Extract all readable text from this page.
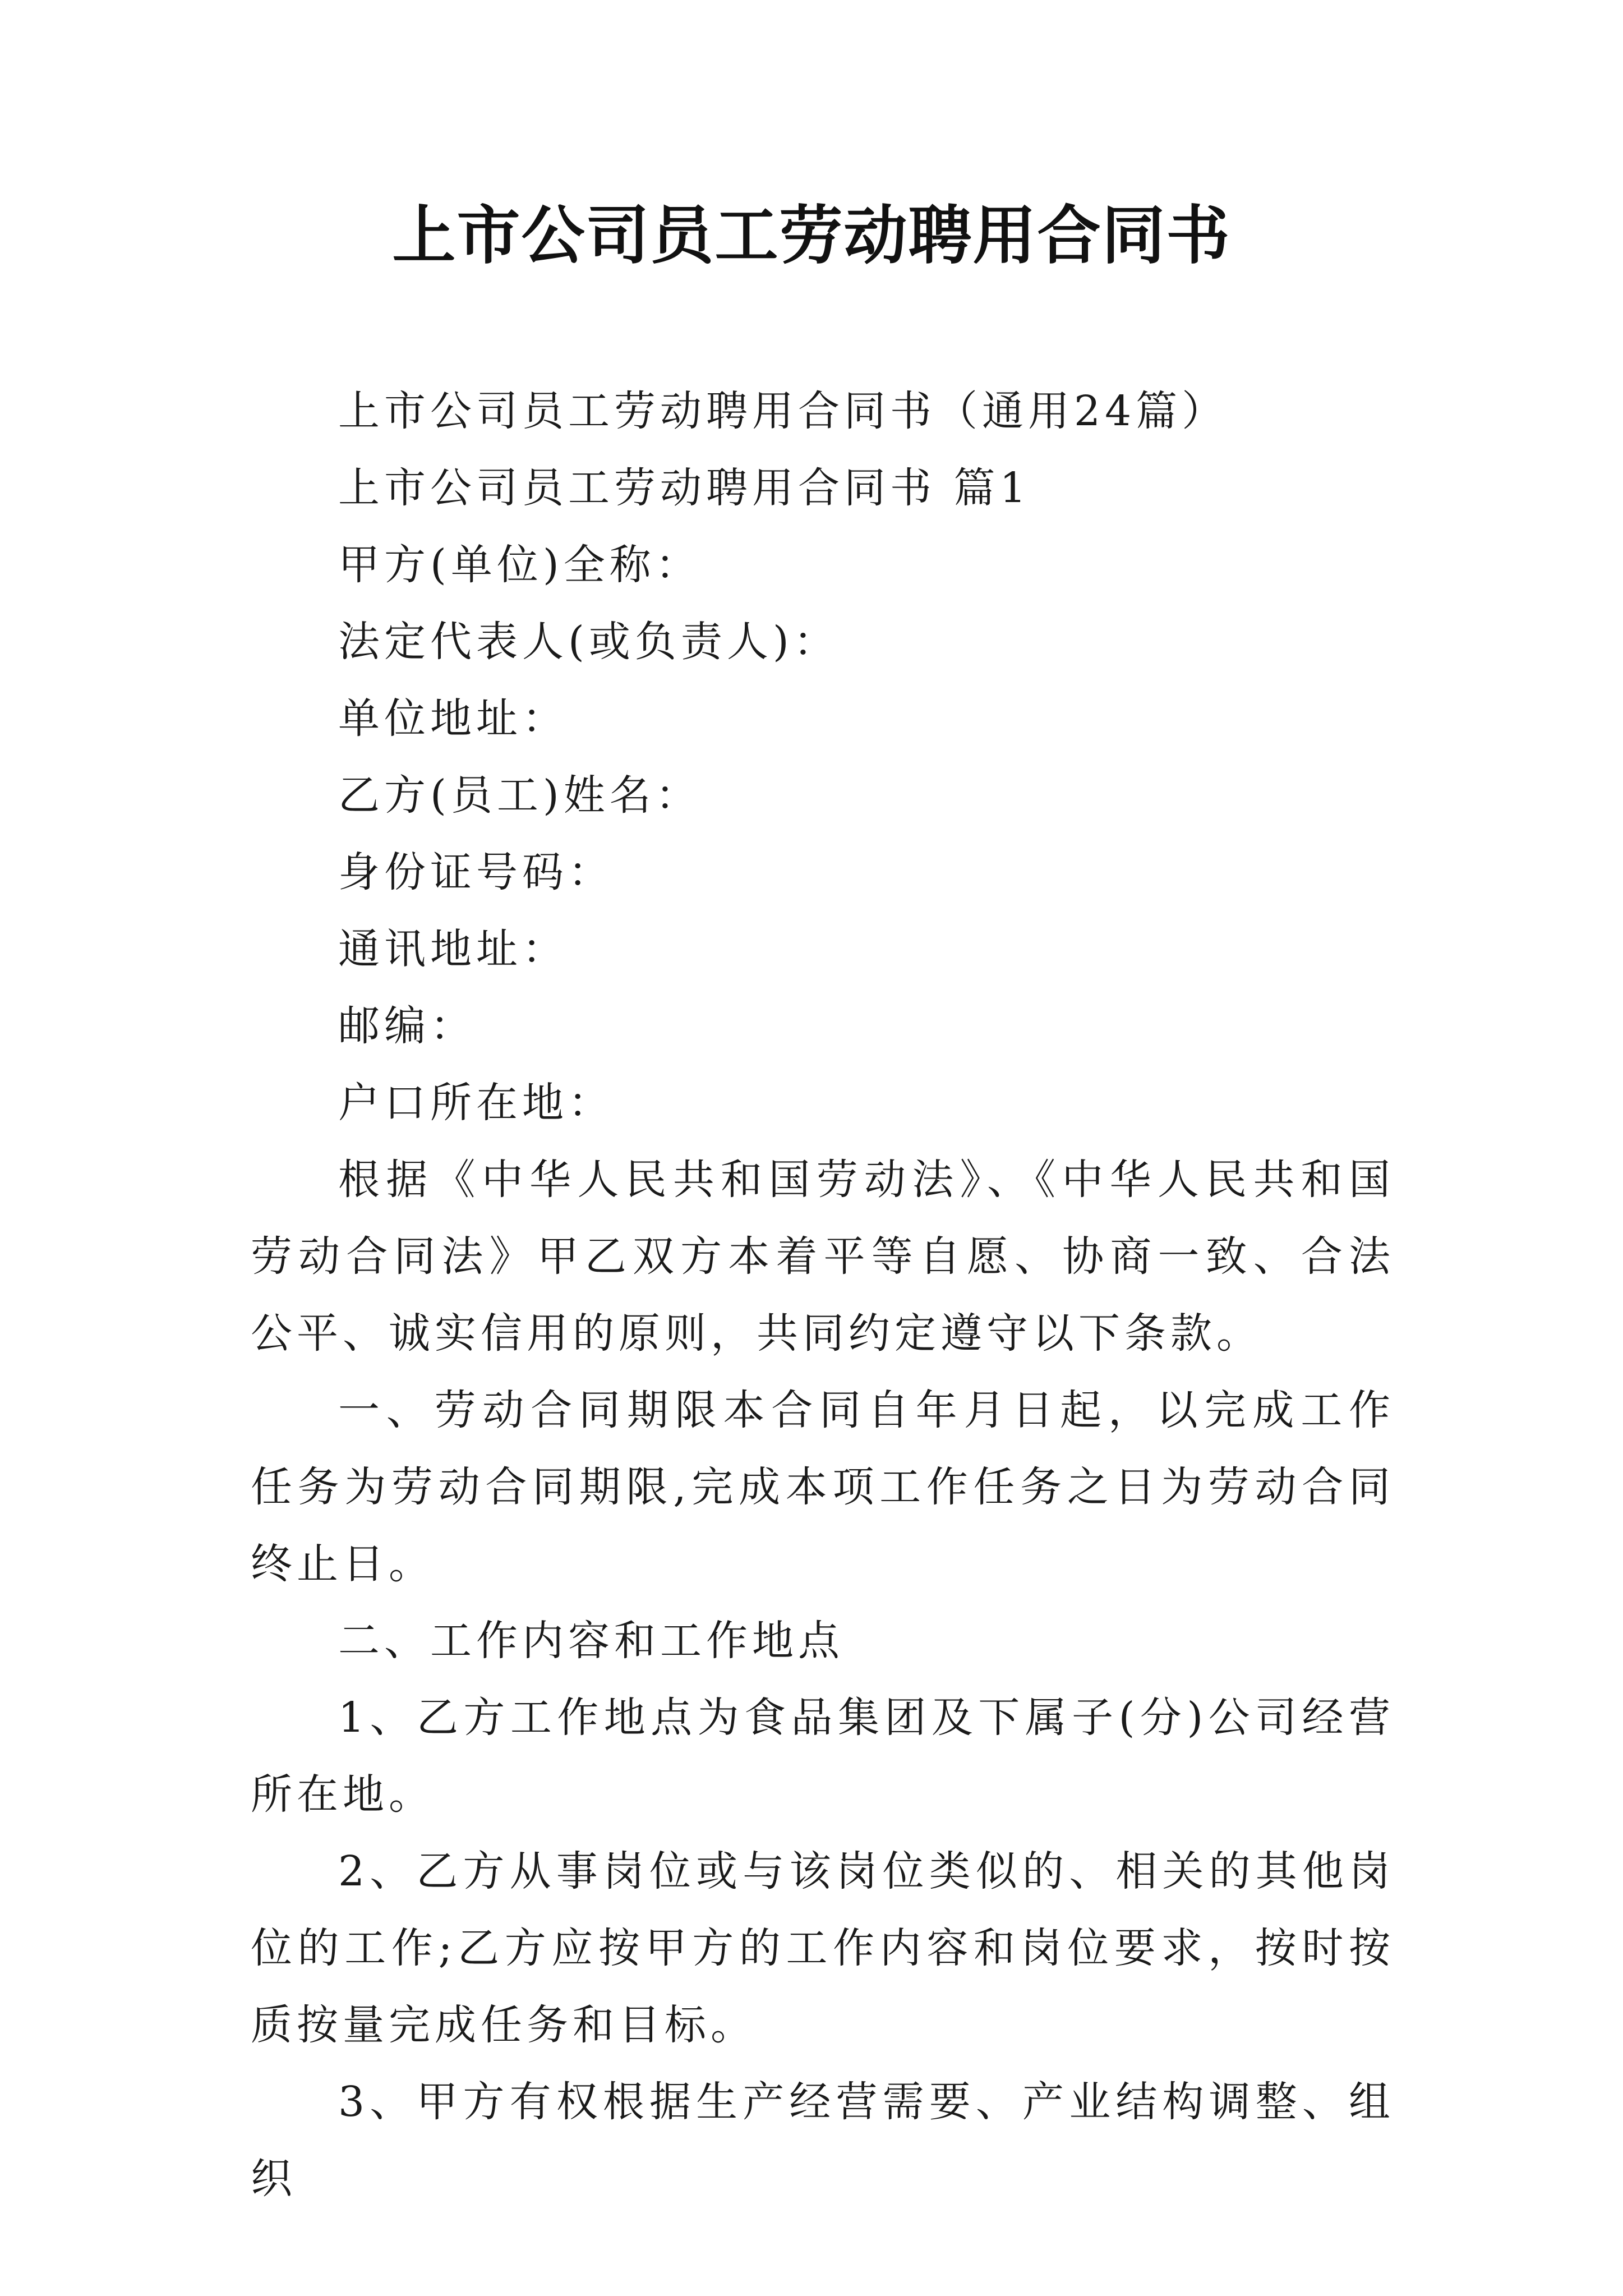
上市公司员工劳动聘用合同书

上市公司员工劳动聘用合同书（通用24篇）

上市公司员工劳动聘用合同书 篇1

甲方(单位)全称：

法定代表人(或负责人)：

单位地址：

乙方(员工)姓名：

身份证号码：

通讯地址：

邮编：

户口所在地：

根据《中华人民共和国劳动法》、《中华人民共和国劳动合同法》甲乙双方本着平等自愿、协商一致、合法公平、诚实信用的原则，共同约定遵守以下条款。

一、劳动合同期限本合同自年月日起，以完成工作任务为劳动合同期限,完成本项工作任务之日为劳动合同终止日。

二、工作内容和工作地点

1、乙方工作地点为食品集团及下属子(分)公司经营所在地。

2、乙方从事岗位或与该岗位类似的、相关的其他岗位的工作;乙方应按甲方的工作内容和岗位要求，按时按质按量完成任务和目标。

3、甲方有权根据生产经营需要、产业结构调整、组织
